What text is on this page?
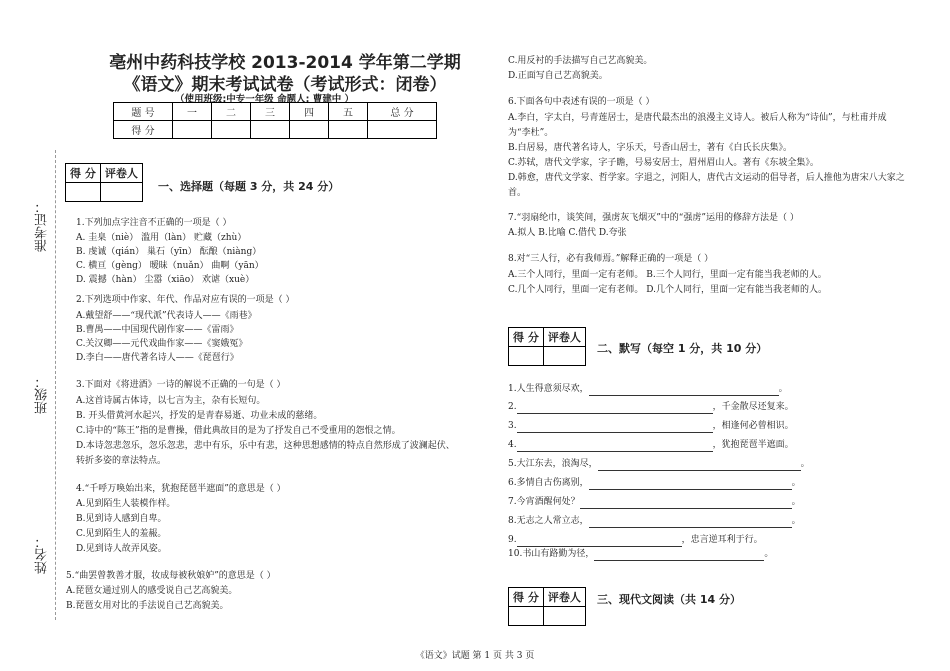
准考证：
班级：
姓名：
亳州中药科技学校 2013-2014 学年第二学期
《语文》期末考试试卷（考试形式：闭卷）
（使用班级:中专一年级 命题人: 曹建中 ）
题 号	一	二	三	四	五	总 分
得 分						
得 分	评卷人

一、选择题（每题 3 分，共 24 分）
1.下列加点字注音不正确的一项是（ ）
A. 圭臬（niè） 滥用（làn） 贮藏（zhù）
B. 虔诚（qián） 巢石（yīn） 酝酿（niàng）
C. 横亘（gèng） 暧昧（nuǎn） 曲啊（yān）
D. 震撼（hàn） 尘嚣（xiāo） 欢谑（xuè）
2.下列选项中作家、年代、作品对应有误的一项是（ ）
A.戴望舒——“现代派”代表诗人——《雨巷》
B.曹禺——中国现代剧作家——《雷雨》
C.关汉卿——元代戏曲作家——《窦娥冤》
D.李白——唐代著名诗人——《琵琶行》
3.下面对《将进酒》一诗的解说不正确的一句是（ ）
A.这首诗属古体诗，以七言为主，杂有长短句。
B. 开头借黄河水起兴，抒发的是青春易逝、功业未成的慈绪。
C.诗中的“陈王”指的是曹操，借此典故目的是为了抒发自己不受重用的怨恨之情。
D.本诗忽悲忽乐，忽乐忽悲，悲中有乐，乐中有悲，这种思想感情的特点自然形成了波澜起伏、
转折多姿的章法特点。
4.“千呼万唤始出来，犹抱琵琶半遮面”的意思是（ ）
A.见到陌生人装模作样。
B.见到诗人感到自卑。
C.见到陌生人的羞赧。
D.见到诗人故弄风姿。
5.“曲罢曾教善才服，妆成每被秋娘妒”的意思是（ ）
A.琵琶女通过别人的感受说自己艺高貌美。
B.琵琶女用对比的手法说自己艺高貌美。
C.用反衬的手法描写自己艺高貌美。
D.正面写自己艺高貌美。
6.下面各句中表述有误的一项是（ ）
A.李白，字太白，号青莲居士，是唐代最杰出的浪漫主义诗人。被后人称为“诗仙”，与杜甫并成
为“李杜”。
B.白居易，唐代著名诗人，字乐天，号香山居士，著有《白氏长庆集》。
C.苏轼，唐代文学家，字子瞻，号易安居士，眉州眉山人。著有《东坡全集》。
D.韩愈，唐代文学家、哲学家。字退之，河阳人，唐代古文运动的倡导者，后人推他为唐宋八大家之
首。
7.“羽扇纶巾，谈笑间，强虏灰飞烟灭”中的“强虏”运用的修辞方法是（ ）
A.拟人 B.比喻 C.借代 D.夸张
8.对“三人行，必有我师焉。”解释正确的一项是（ ）
A.三个人同行，里面一定有老师。 B.三个人同行，里面一定有能当我老师的人。
C.几个人同行，里面一定有老师。 D.几个人同行，里面一定有能当我老师的人。
得 分	评卷人

二、默写（每空 1 分，共 10 分）
1.人生得意须尽欢，	。
2.	，千金散尽还复来。
3.	，相逢何必曾相识。
4.	，犹抱琵琶半遮面。
5.大江东去，浪淘尽，	。
6.多情自古伤离别，	。
7.今宵酒醒何处？	。
8.无志之人常立志，	。
9.	，忠言逆耳利于行。
10.书山有路勤为径，	。
得 分	评卷人
	三、现代文阅读（共 14 分）
《语文》试题 第 1 页 共 3 页
